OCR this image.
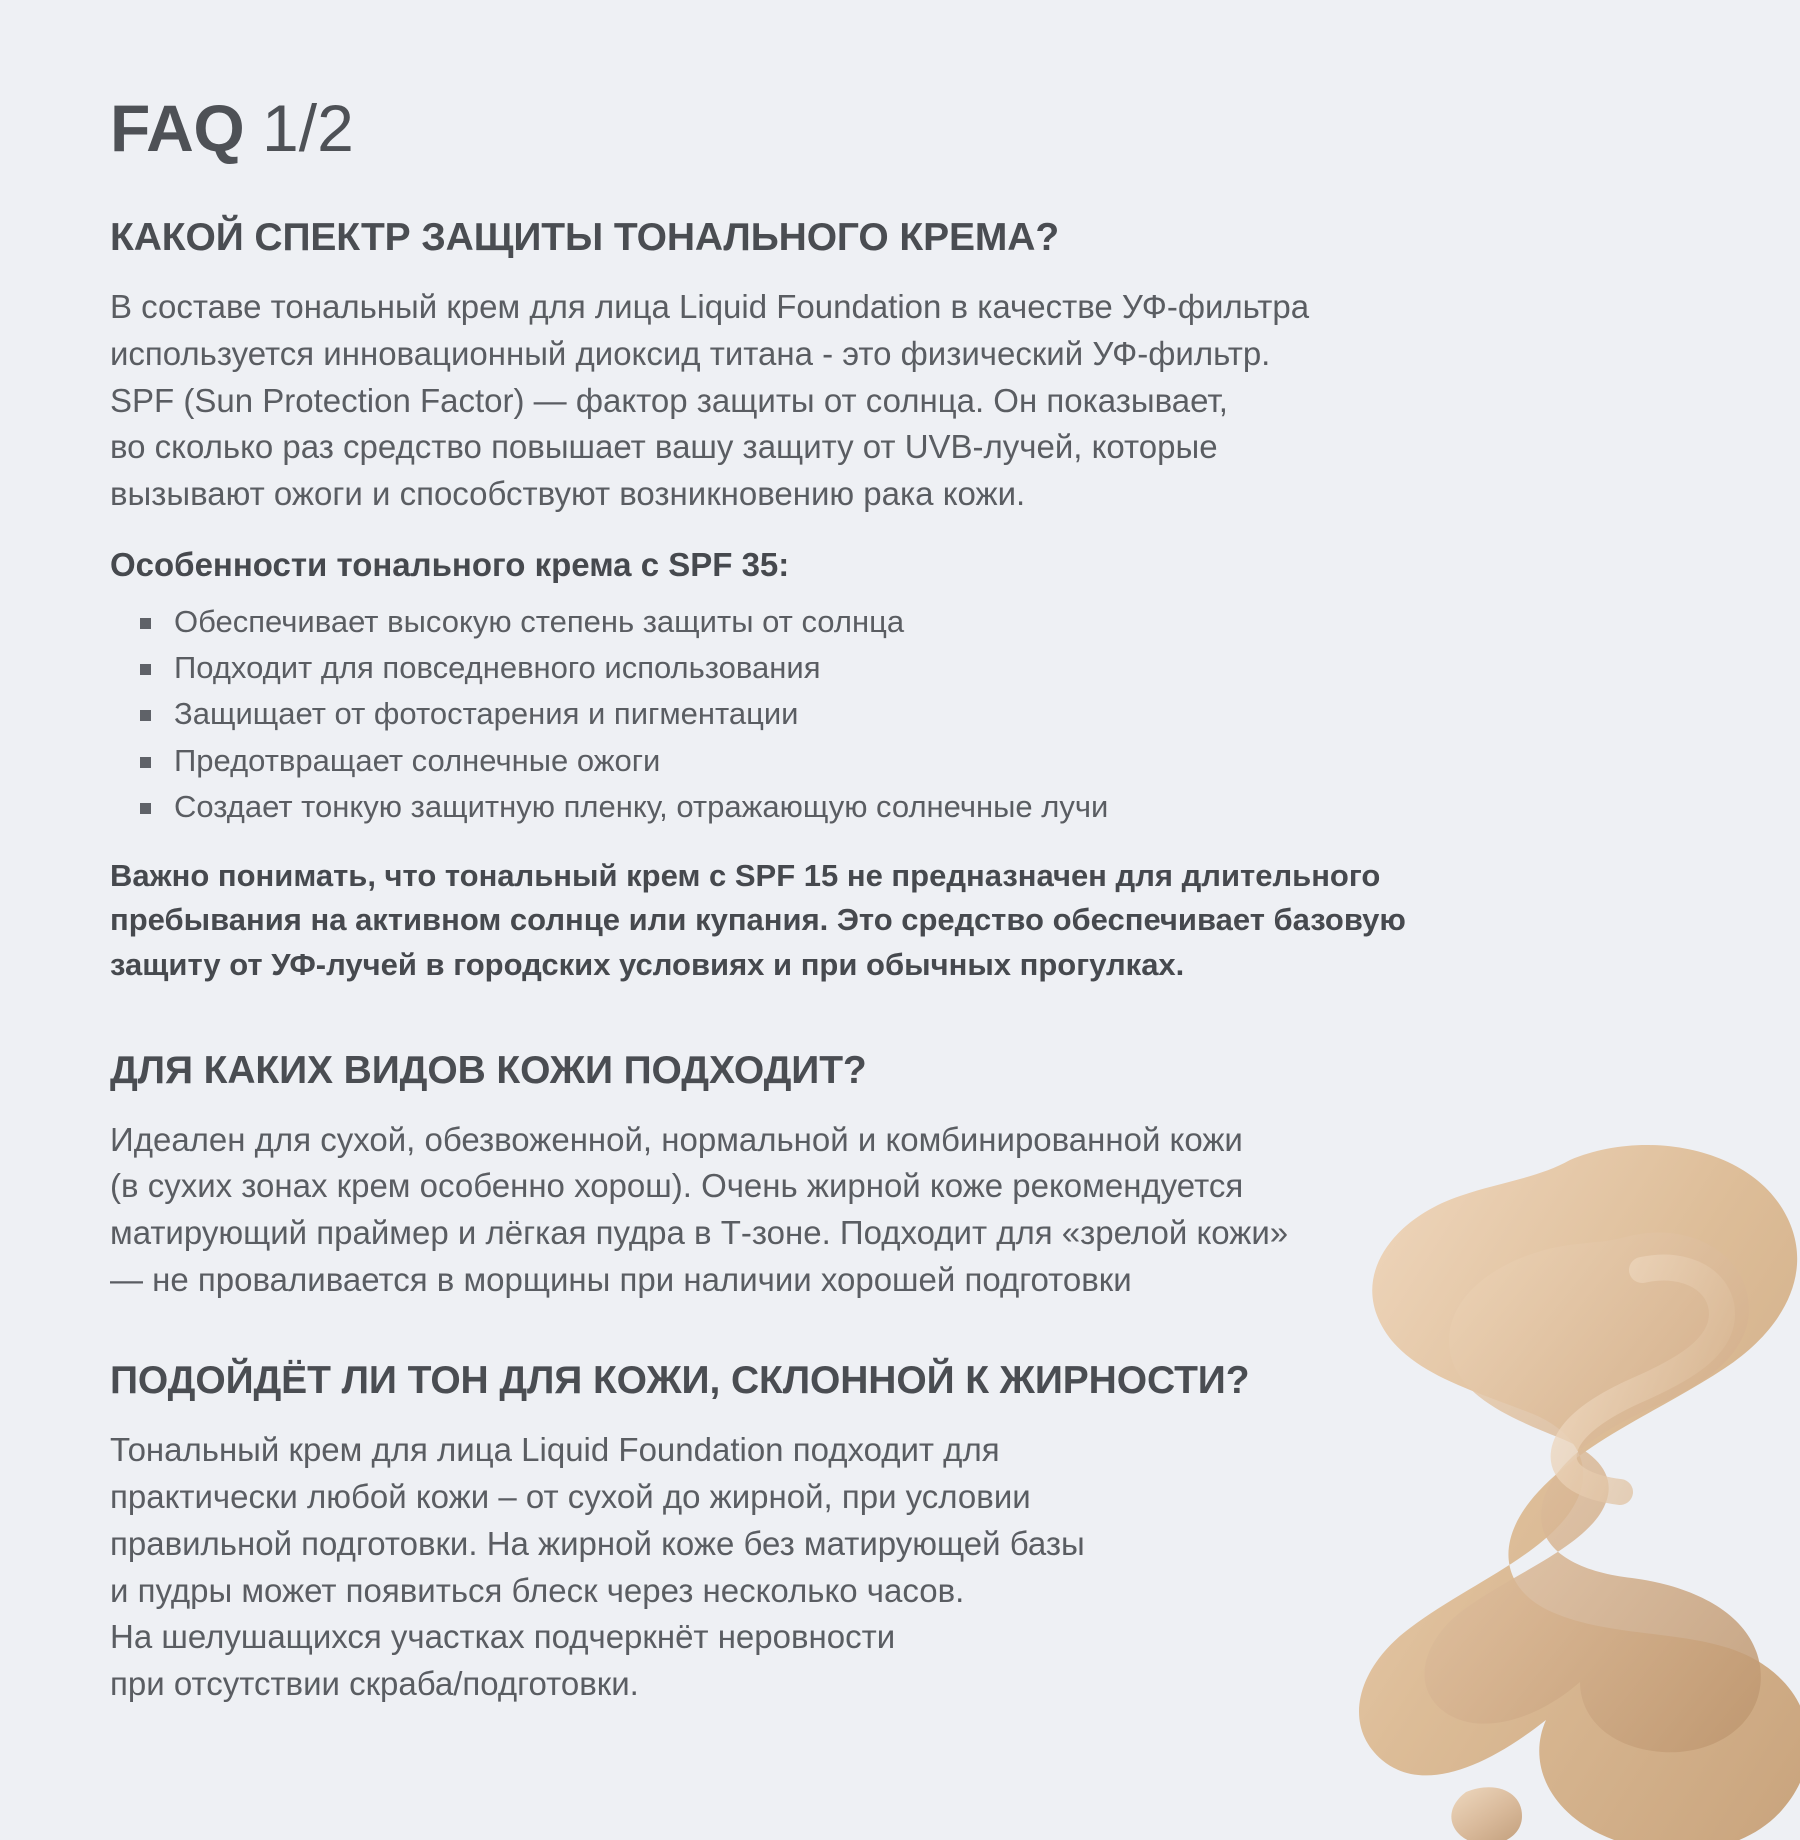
FAQ 1/2
КАКОЙ СПЕКТР ЗАЩИТЫ ТОНАЛЬНОГО КРЕМА?
В составе тональный крем для лица Liquid Foundation в качестве УФ-фильтра
используется инновационный диоксид титана - это физический УФ-фильтр.
SPF (Sun Protection Factor) — фактор защиты от солнца. Он показывает,
во сколько раз средство повышает вашу защиту от UVB-лучей, которые
вызывают ожоги и способствуют возникновению рака кожи.
Особенности тонального крема с SPF 35:
Обеспечивает высокую степень защиты от солнца
Подходит для повседневного использования
Защищает от фотостарения и пигментации
Предотвращает солнечные ожоги
Создает тонкую защитную пленку, отражающую солнечные лучи
Важно понимать, что тональный крем с SPF 15 не предназначен для длительного
пребывания на активном солнце или купания. Это средство обеспечивает базовую
защиту от УФ-лучей в городских условиях и при обычных прогулках.
ДЛЯ КАКИХ ВИДОВ КОЖИ ПОДХОДИТ?
Идеален для сухой, обезвоженной, нормальной и комбинированной кожи
(в сухих зонах крем особенно хорош). Очень жирной коже рекомендуется
матирующий праймер и лёгкая пудра в Т-зоне. Подходит для «зрелой кожи»
— не проваливается в морщины при наличии хорошей подготовки
ПОДОЙДЁТ ЛИ ТОН ДЛЯ КОЖИ, СКЛОННОЙ К ЖИРНОСТИ?
Тональный крем для лица Liquid Foundation подходит для
практически любой кожи – от сухой до жирной, при условии
правильной подготовки. На жирной коже без матирующей базы
и пудры может появиться блеск через несколько часов.
На шелушащихся участках подчеркнёт неровности
при отсутствии скраба/подготовки.
